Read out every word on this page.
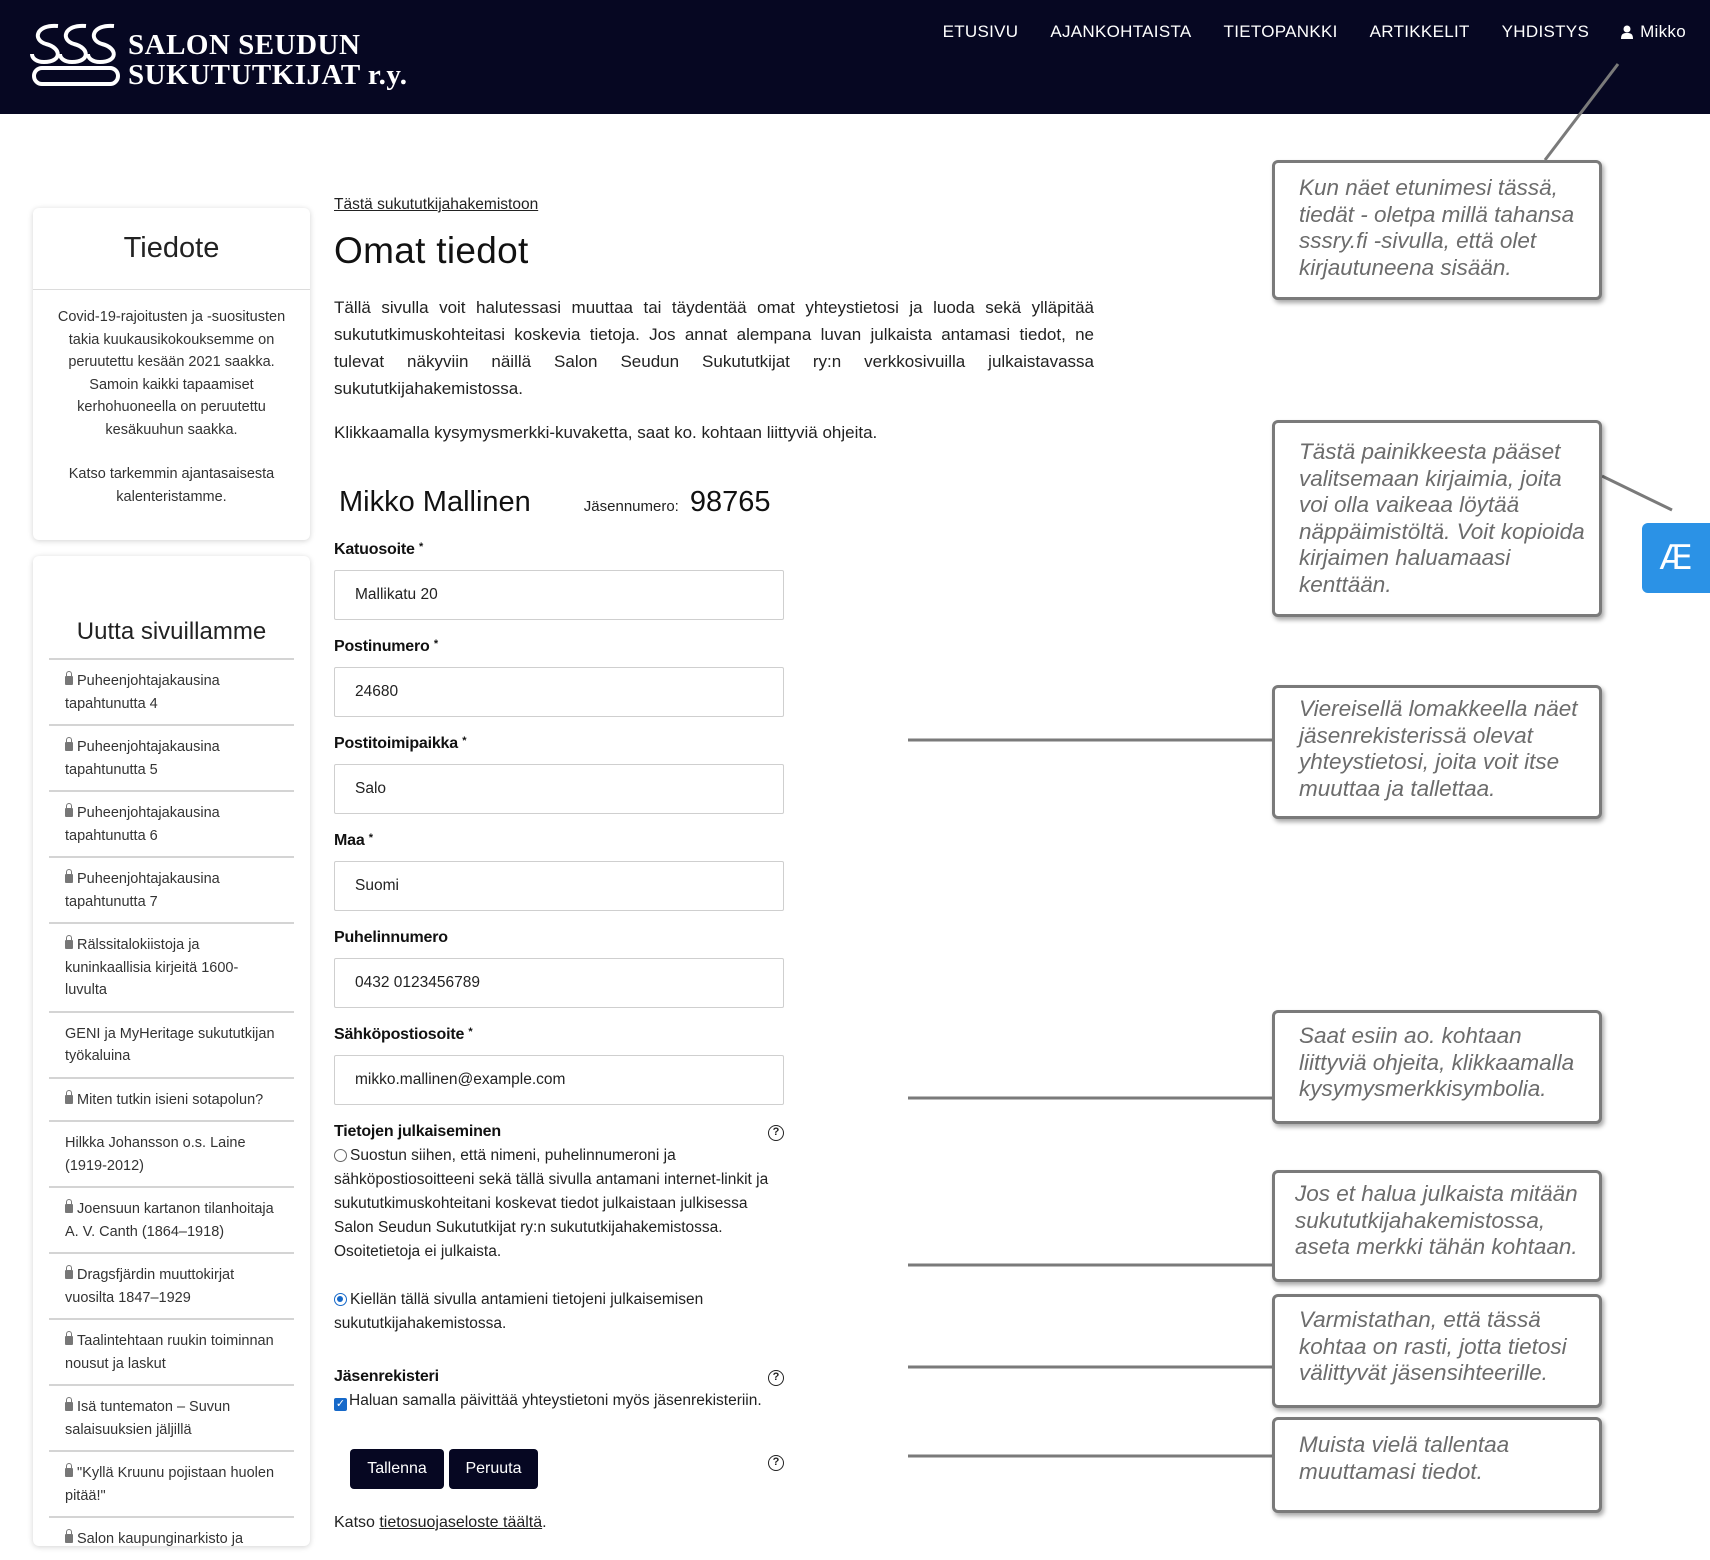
SALON SEUDUN
SUKUTUTKIJAT r.y.
ETUSIVU	AJANKOHTAISTA	TIETOPANKKI	ARTIKKELIT	YHDISTYS	Mikko
Tiedote

Covid-19-rajoitusten ja -suositusten takia kuukausikokouksemme on peruutettu kesään 2021 saakka. Samoin kaikki tapaamiset kerhohuoneella on peruutettu kesäkuuhun saakka.

Katso tarkemmin ajantasaisesta kalenteristamme.

Uutta sivuillamme
Puheenjohtajakausina tapahtunutta 4
Puheenjohtajakausina tapahtunutta 5
Puheenjohtajakausina tapahtunutta 6
Puheenjohtajakausina tapahtunutta 7
Rälssitalokiistoja ja kuninkaallisia kirjeitä 1600-luvulta
GENI ja MyHeritage sukututkijan työkaluina
Miten tutkin isieni sotapolun?
Hilkka Johansson o.s. Laine (1919-2012)
Joensuun kartanon tilanhoitaja A. V. Canth (1864–1918)
Dragsfjärdin muuttokirjat vuosilta 1847–1929
Taalintehtaan ruukin toiminnan nousut ja laskut
Isä tuntematon – Suvun salaisuuksien jäljillä
"Kyllä Kruunu pojistaan huolen pitää!"
Salon kaupunginarkisto ja
Tästä sukututkijahakemistoon
Omat tiedot

Tällä sivulla voit halutessasi muuttaa tai täydentää omat yhteystietosi ja luoda sekä ylläpitää sukututkimuskohteitasi koskevia tietoja. Jos annat alempana luvan julkaista antamasi tiedot, ne tulevat näkyviin näillä Salon Seudun Sukututkijat ry:n verkkosivuilla julkaistavassa sukututkijahakemistossa.

Klikkaamalla kysymysmerkki-kuvaketta, saat ko. kohtaan liittyviä ohjeita.

Mikko Mallinen	Jäsennumero: 98765
Katuosoite *
Mallikatu 20
Postinumero *
24680
Postitoimipaikka *
Salo
Maa *
Suomi
Puhelinnumero
0432 0123456789
Sähköpostiosoite *
mikko.mallinen@example.com
Tietojen julkaiseminen	?
Suostun siihen, että nimeni, puhelinnumeroni ja sähköpostiosoitteeni sekä tällä sivulla antamani internet-linkit ja sukututkimuskohteitani koskevat tiedot julkaistaan julkisessa Salon Seudun Sukututkijat ry:n sukututkijahakemistossa. Osoitetietoja ei julkaista.
Kiellän tällä sivulla antamieni tietojeni julkaisemisen sukututkijahakemistossa.
Jäsenrekisteri	?
✓ Haluan samalla päivittää yhteystietoni myös jäsenrekisteriin.
Tallenna	Peruuta	?

Katso tietosuojaseloste täältä.

Kun näet etunimesi tässä, tiedät - oletpa millä tahansa sssry.fi -sivulla, että olet kirjautuneena sisään.
Tästä painikkeesta pääset valitsemaan kirjaimia, joita voi olla vaikeaa löytää näppäimistöltä. Voit kopioida kirjaimen haluamaasi kenttään.
Viereisellä lomakkeella näet jäsenrekisterissä olevat yhteystietosi, joita voit itse muuttaa ja tallettaa.
Saat esiin ao. kohtaan liittyviä ohjeita, klikkaamalla kysymysmerkkisymbolia.
Jos et halua julkaista mitään sukututkijahakemistossa, aseta merkki tähän kohtaan.
Varmistathan, että tässä kohtaa on rasti, jotta tietosi välittyvät jäsensihteerille.
Muista vielä tallentaa muuttamasi tiedot.
Æ
